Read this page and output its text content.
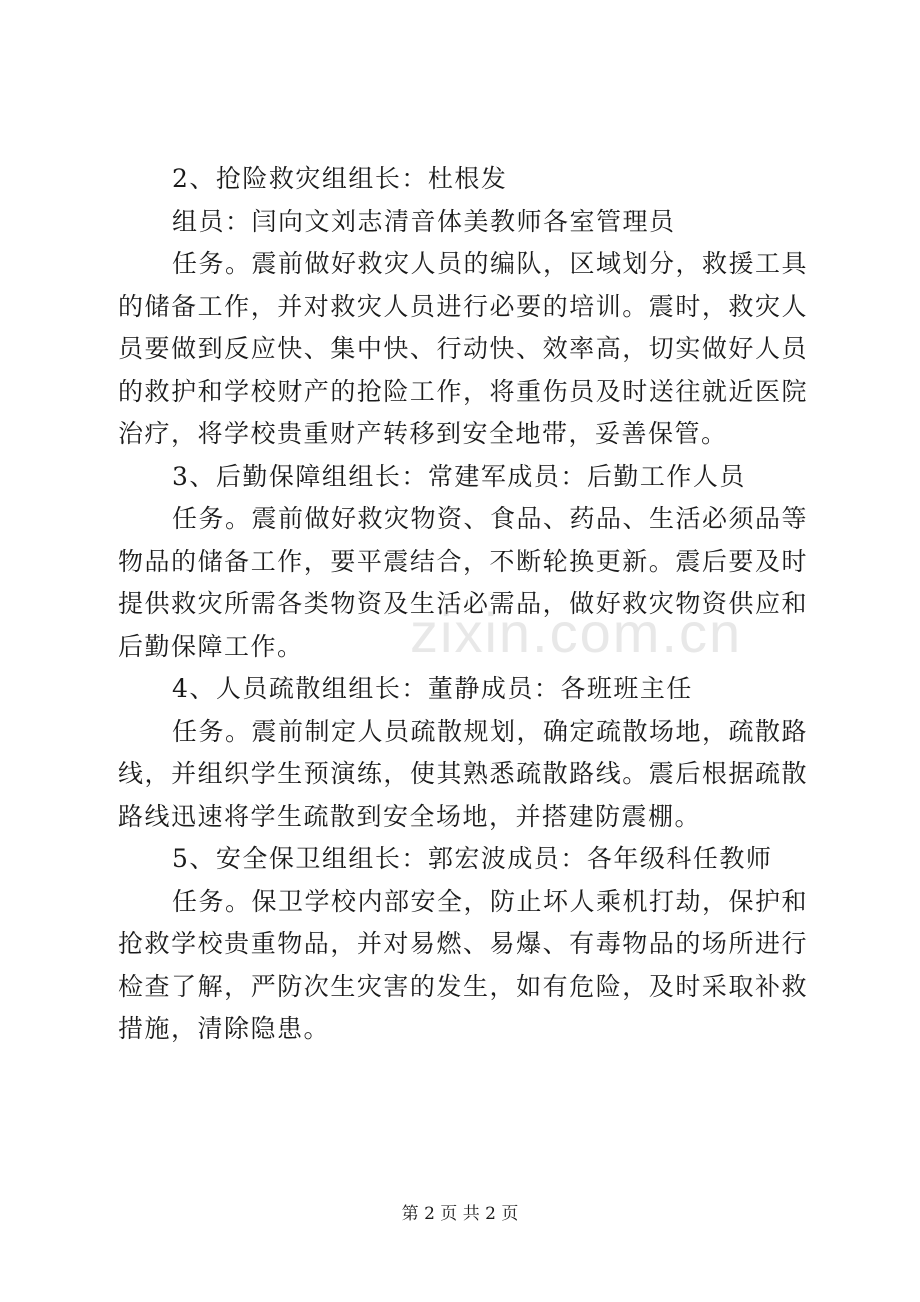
2、抢险救灾组组长：杜根发

组员：闫向文刘志清音体美教师各室管理员

任务。震前做好救灾人员的编队，区域划分，救援工具的储备工作，并对救灾人员进行必要的培训。震时，救灾人员要做到反应快、集中快、行动快、效率高，切实做好人员的救护和学校财产的抢险工作，将重伤员及时送往就近医院治疗，将学校贵重财产转移到安全地带，妥善保管。

3、后勤保障组组长：常建军成员：后勤工作人员

任务。震前做好救灾物资、食品、药品、生活必须品等物品的储备工作，要平震结合，不断轮换更新。震后要及时提供救灾所需各类物资及生活必需品，做好救灾物资供应和后勤保障工作。

4、人员疏散组组长：董静成员：各班班主任

任务。震前制定人员疏散规划，确定疏散场地，疏散路线，并组织学生预演练，使其熟悉疏散路线。震后根据疏散路线迅速将学生疏散到安全场地，并搭建防震棚。

5、安全保卫组组长：郭宏波成员：各年级科任教师

任务。保卫学校内部安全，防止坏人乘机打劫，保护和抢救学校贵重物品，并对易燃、易爆、有毒物品的场所进行检查了解，严防次生灾害的发生，如有危险，及时采取补救措施，清除隐患。

zixin.com.cn
第 2 页 共 2 页
